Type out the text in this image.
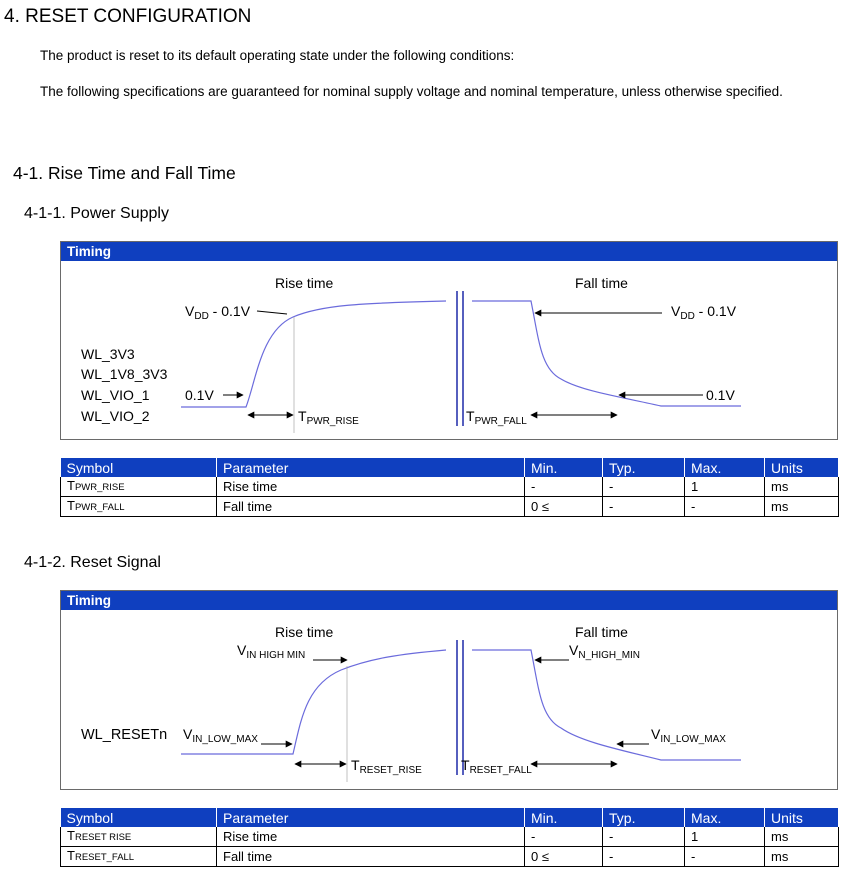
4. RESET CONFIGURATION
The product is reset to its default operating state under the following conditions:
The following specifications are guaranteed for nominal supply voltage and nominal temperature, unless otherwise specified.
4-1. Rise Time and Fall Time
4-1-1. Power Supply
Timing
Rise time	Fall time
$V_{DD} - 0.1V$	$V_{DD} - 0.1V$
WL_3V3
WL_1V8_3V3
WL_VIO_1
WL_VIO_2
0.1V	0.1V
$T_{PWR\_RISE}$	$T_{PWR\_FALL}$
Symbol	Parameter	Min.	Typ.	Max.	Units
TPWR_RISE	Rise time	-	-	1	ms
TPWR_FALL	Fall time	0 ≤	-	-	ms
4-1-2. Reset Signal
Timing
Rise time	Fall time
$V_{IN HIGH MIN}$	$V_{N\_HIGH\_MIN}$
WL_RESETn $V_{IN\_LOW\_MAX}$	$V_{IN\_LOW\_MAX}$
$T_{RESET\_RISE}$	$T_{RESET\_FALL}$
Symbol	Parameter	Min.	Typ.	Max.	Units
TRESET RISE	Rise time	-	-	1	ms
TRESET_FALL	Fall time	0 ≤	-	-	ms
